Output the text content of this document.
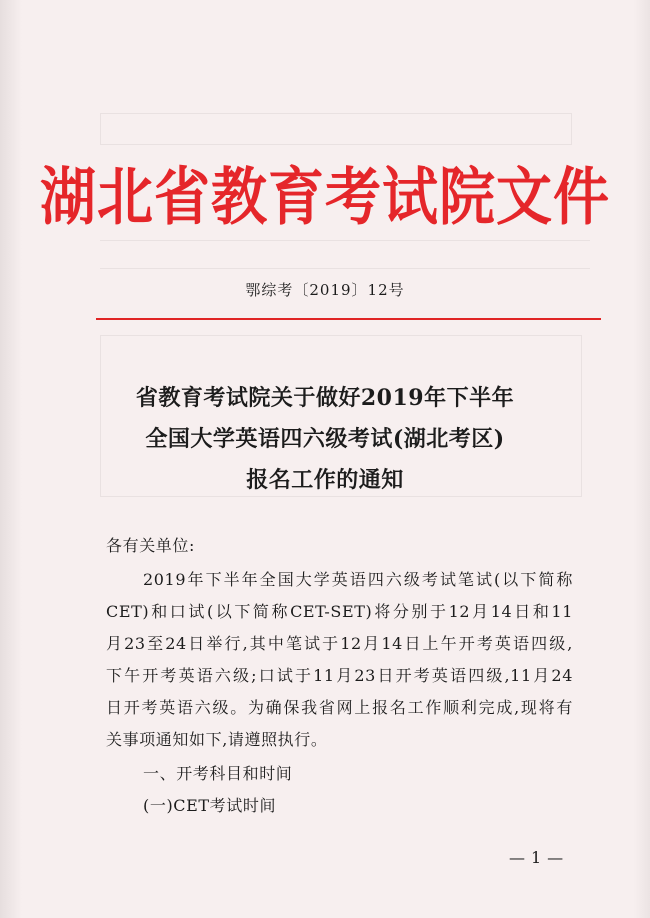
湖北省教育考试院文件
鄂综考〔2019〕12号
省教育考试院关于做好2019年下半年
全国大学英语四六级考试(湖北考区)
报名工作的通知
各有关单位:
2019年下半年全国大学英语四六级考试笔试(以下简称
CET)和口试(以下简称CET-SET)将分别于12月14日和11
月23至24日举行,其中笔试于12月14日上午开考英语四级,
下午开考英语六级;口试于11月23日开考英语四级,11月24
日开考英语六级。为确保我省网上报名工作顺利完成,现将有
关事项通知如下,请遵照执行。
一、开考科目和时间
(一)CET考试时间
—1—
